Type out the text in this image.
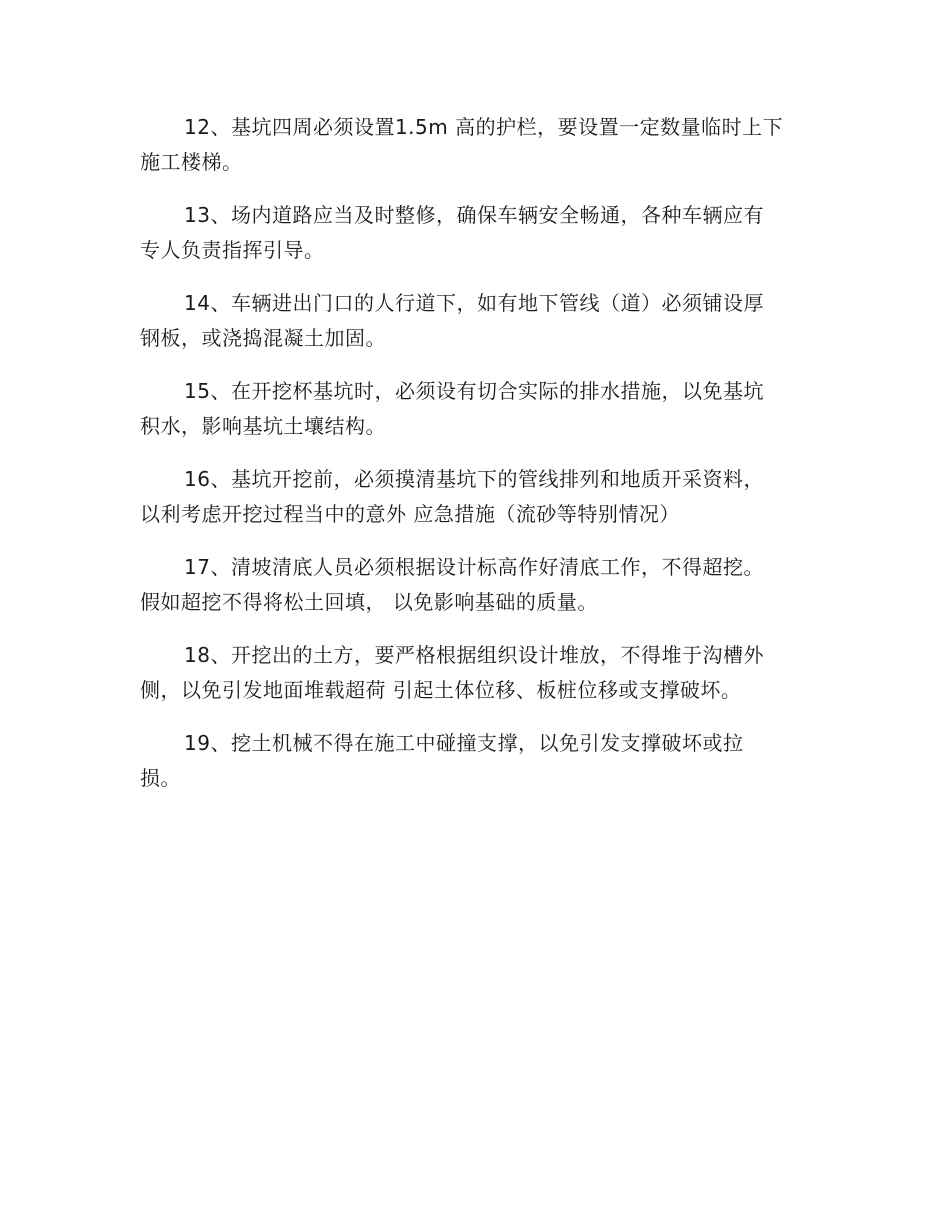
12、基坑四周必须设置1.5m 高的护栏，要设置一定数量临时上下
施工楼梯。

13、场内道路应当及时整修，确保车辆安全畅通，各种车辆应有
专人负责指挥引导。

14、车辆进出门口的人行道下，如有地下管线（道）必须铺设厚
钢板，或浇捣混凝土加固。

15、在开挖杯基坑时，必须设有切合实际的排水措施，以免基坑
积水，影响基坑土壤结构。

16、基坑开挖前，必须摸清基坑下的管线排列和地质开采资料，
以利考虑开挖过程当中的意外 应急措施（流砂等特别情况）

17、清坡清底人员必须根据设计标高作好清底工作，不得超挖。
假如超挖不得将松土回填， 以免影响基础的质量。

18、开挖出的土方，要严格根据组织设计堆放，不得堆于沟槽外
侧，以免引发地面堆载超荷 引起土体位移、板桩位移或支撑破坏。

19、挖土机械不得在施工中碰撞支撑，以免引发支撑破坏或拉
损。
